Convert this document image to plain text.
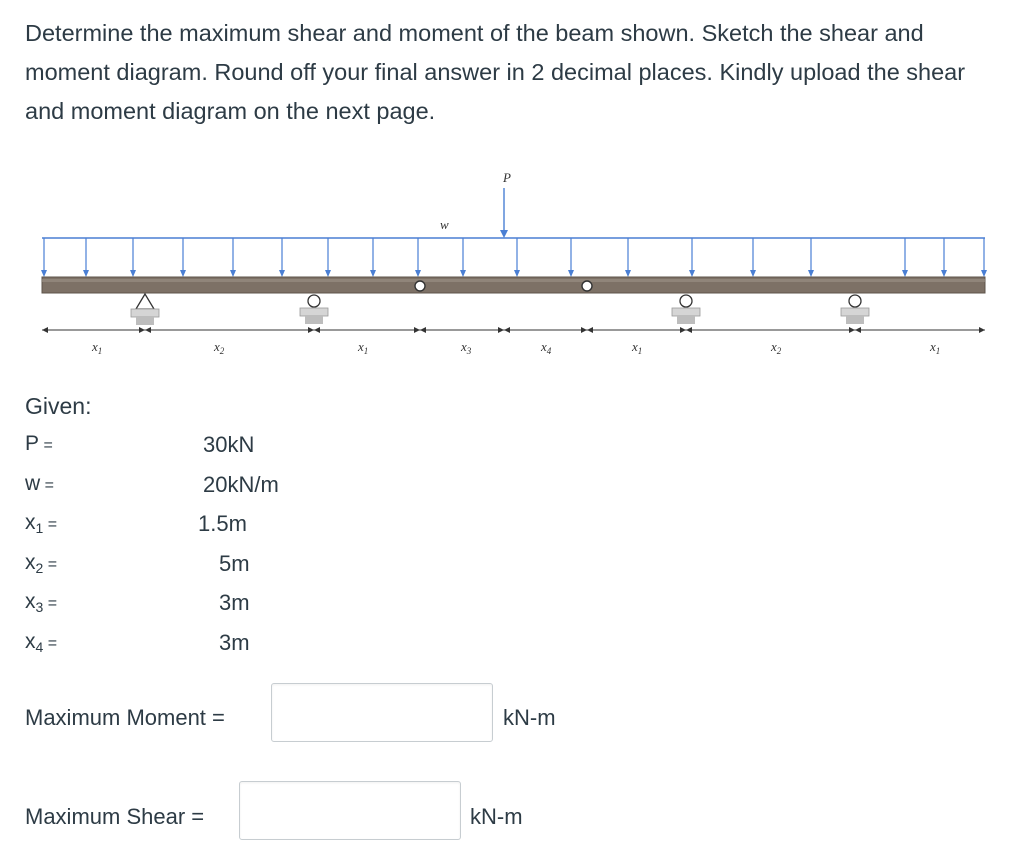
Determine the maximum shear and moment of the beam shown. Sketch the shear and moment diagram. Round off your final answer in 2 decimal places. Kindly upload the shear and moment diagram on the next page.
P
w
$x_1$	$x_2$	$x_1$	$x_3$	$x_4$	$x_1$	$x_2$	$x_1$
Given:
P =	30kN
w =	20kN/m
$x_1$ =	1.5m
$x_2$ =	5m
$x_3$ =	3m
$x_4$ =	3m
Maximum Moment =	kN-m
Maximum Shear =	kN-m
